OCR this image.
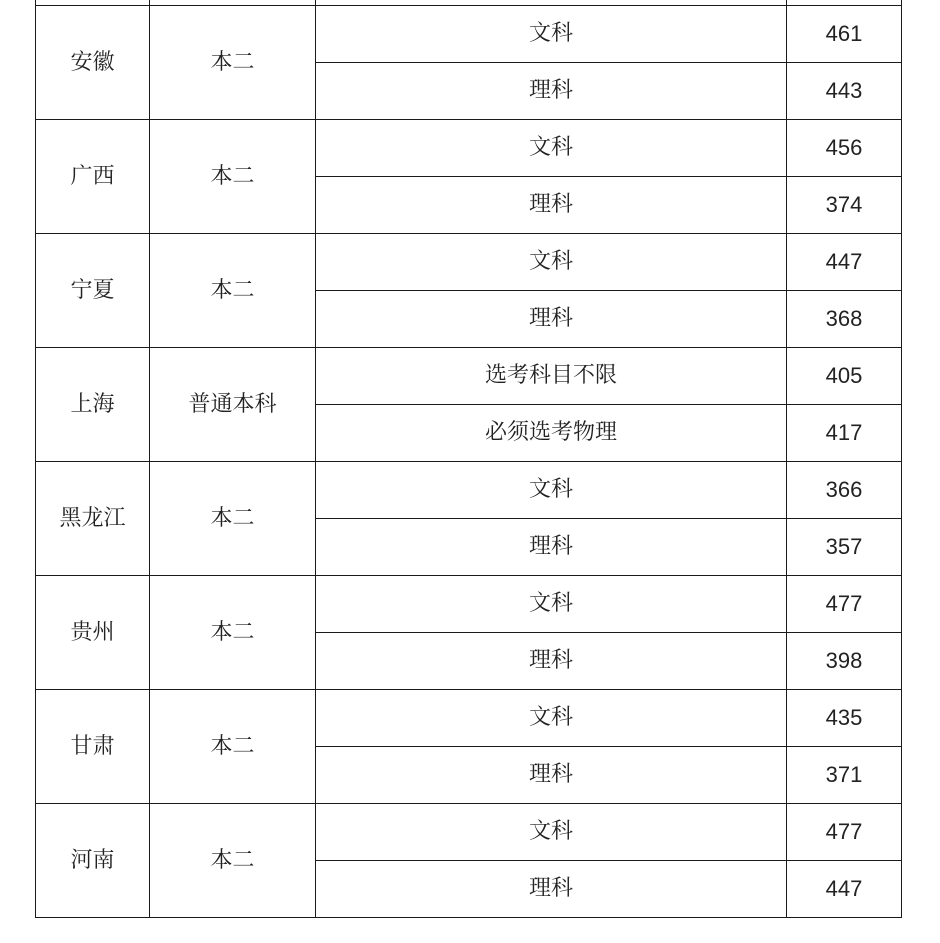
安徽	本二	文科	461
		理科	443
广西	本二	文科	456
		理科	374
宁夏	本二	文科	447
		理科	368
上海	普通本科	选考科目不限	405
		必须选考物理	417
黑龙江	本二	文科	366
		理科	357
贵州	本二	文科	477
		理科	398
甘肃	本二	文科	435
		理科	371
河南	本二	文科	477
		理科	447
